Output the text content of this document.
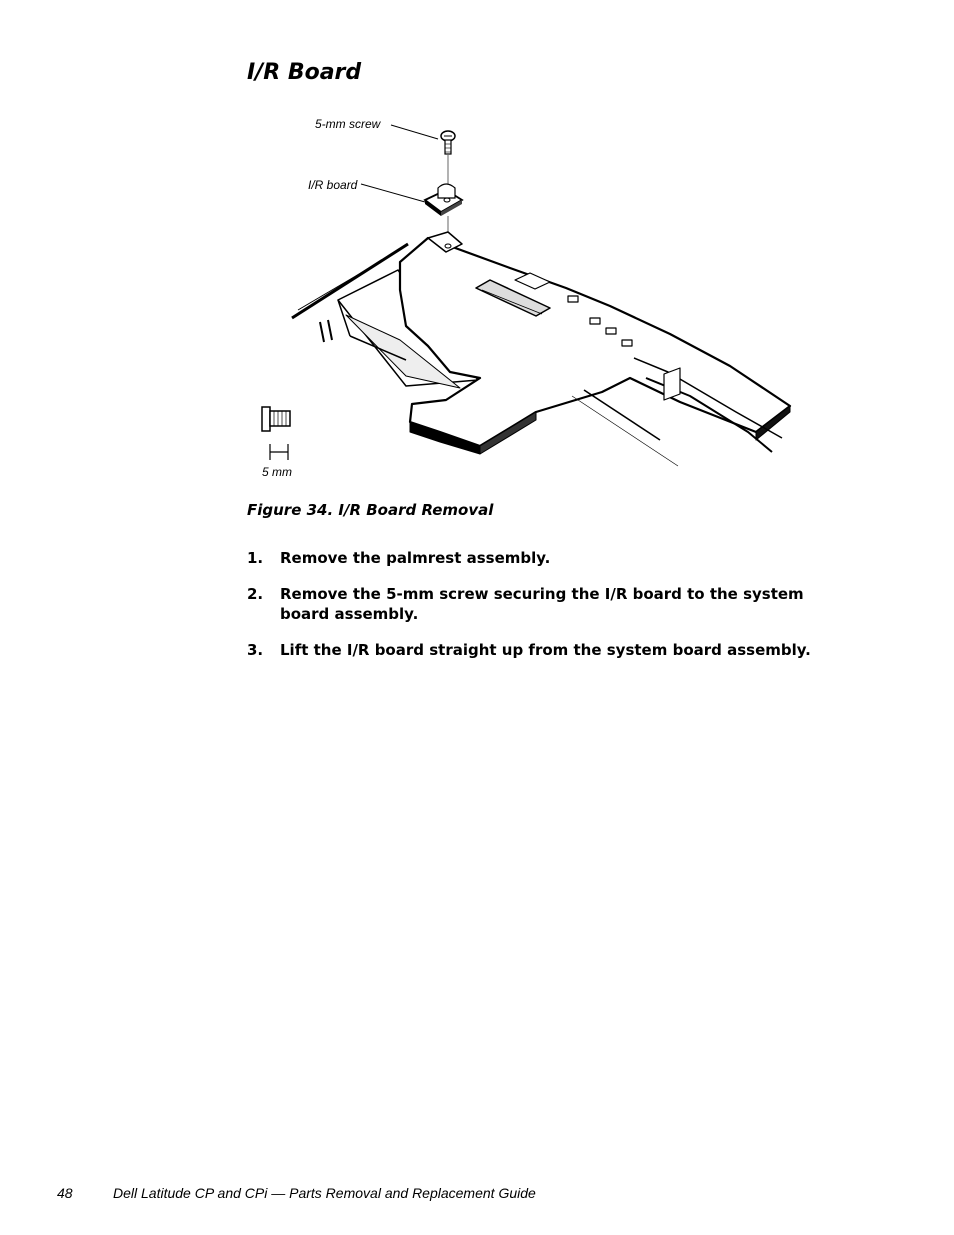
I/R Board
5-mm screw
I/R board
5 mm
Figure 34. I/R Board Removal
1.	Remove the palmrest assembly.
2.	Remove the 5-mm screw securing the I/R board to the system board assembly.
3.	Lift the I/R board straight up from the system board assembly.
48	Dell Latitude CP and CPi — Parts Removal and Replacement Guide
